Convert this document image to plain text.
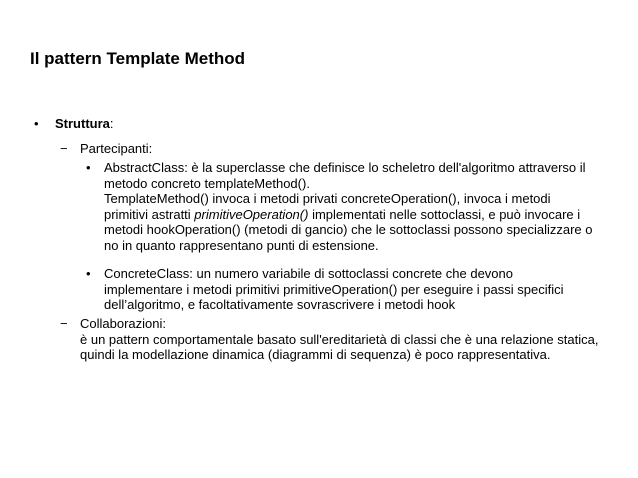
Il pattern Template Method
• Struttura:
− Partecipanti:
• AbstractClass: è la superclasse che definisce lo scheletro dell'algoritmo attraverso il
metodo concreto templateMethod().
TemplateMethod() invoca i metodi privati concreteOperation(), invoca i metodi
primitivi astratti primitiveOperation() implementati nelle sottoclassi, e può invocare i
metodi hookOperation() (metodi di gancio) che le sottoclassi possono specializzare o
no in quanto rappresentano punti di estensione.
• ConcreteClass: un numero variabile di sottoclassi concrete che devono
implementare i metodi primitivi primitiveOperation() per eseguire i passi specifici
dell’algoritmo, e facoltativamente sovrascrivere i metodi hook
− Collaborazioni:
è un pattern comportamentale basato sull'ereditarietà di classi che è una relazione statica,
quindi la modellazione dinamica (diagrammi di sequenza) è poco rappresentativa.
